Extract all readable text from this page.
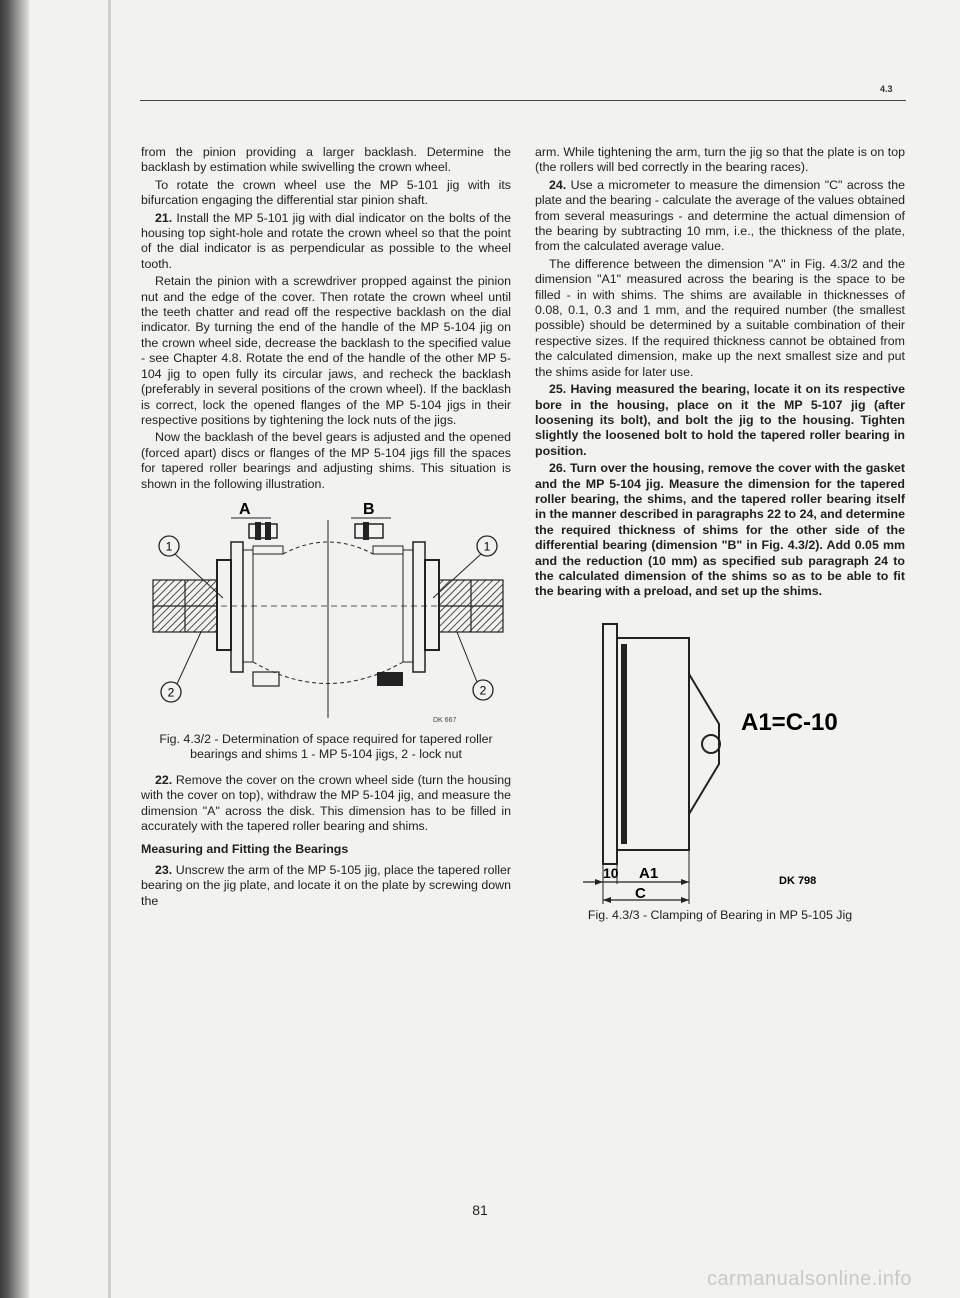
4.3

from the pinion providing a larger backlash. Determine the backlash by estimation while swivelling the crown wheel.

To rotate the crown wheel use the MP 5-101 jig with its bifurcation engaging the differential star pinion shaft.

21. Install the MP 5-101 jig with dial indicator on the bolts of the housing top sight-hole and rotate the crown wheel so that the point of the dial indicator is as perpendicular as possible to the wheel tooth.

Retain the pinion with a screwdriver propped against the pinion nut and the edge of the cover. Then rotate the crown wheel until the teeth chatter and read off the respective backlash on the dial indicator. By turning the end of the handle of the MP 5-104 jig on the crown wheel side, decrease the backlash to the specified value - see Chapter 4.8. Rotate the end of the handle of the other MP 5-104 jig to open fully its circular jaws, and recheck the backlash (preferably in several positions of the crown wheel). If the backlash is correct, lock the opened flanges of the MP 5-104 jigs in their respective positions by tightening the lock nuts of the jigs.

Now the backlash of the bevel gears is adjusted and the opened (forced apart) discs or flanges of the MP 5-104 jigs fill the spaces for tapered roller bearings and adjusting shims. This situation is shown in the following illustration.

A	B
1	1
2	2
DK 667
Fig. 4.3/2 - Determination of space required for tapered roller bearings and shims 1 - MP 5-104 jigs, 2 - lock nut

22. Remove the cover on the crown wheel side (turn the housing with the cover on top), withdraw the MP 5-104 jig, and measure the dimension "A" across the disk. This dimension has to be filled in accurately with the tapered roller bearing and shims.

Measuring and Fitting the Bearings

23. Unscrew the arm of the MP 5-105 jig, place the tapered roller bearing on the jig plate, and locate it on the plate by screwing down the

arm. While tightening the arm, turn the jig so that the plate is on top (the rollers will bed correctly in the bearing races).

24. Use a micrometer to measure the dimension "C" across the plate and the bearing - calculate the average of the values obtained from several measurings - and determine the actual dimension of the bearing by subtracting 10 mm, i.e., the thickness of the plate, from the calculated average value.

The difference between the dimension "A" in Fig. 4.3/2 and the dimension "A1" measured across the bearing is the space to be filled - in with shims. The shims are available in thicknesses of 0.08, 0.1, 0.3 and 1 mm, and the required number (the smallest possible) should be determined by a suitable combination of their respective sizes. If the required thickness cannot be obtained from the calculated dimension, make up the next smallest size and put the shims aside for later use.

25. Having measured the bearing, locate it on its respective bore in the housing, place on it the MP 5-107 jig (after loosening its bolt), and bolt the jig to the housing. Tighten slightly the loosened bolt to hold the tapered roller bearing in position.

26. Turn over the housing, remove the cover with the gasket and the MP 5-104 jig. Measure the dimension for the tapered roller bearing, the shims, and the tapered roller bearing itself in the manner described in paragraphs 22 to 24, and determine the required thickness of shims for the other side of the differential bearing (dimension "B" in Fig. 4.3/2). Add 0.05 mm and the reduction (10 mm) as specified sub paragraph 24 to the calculated dimension of the shims so as to be able to fit the bearing with a preload, and set up the shims.

A1=C-10
10 A1
C
DK 798
Fig. 4.3/3 - Clamping of Bearing in MP 5-105 Jig
81
carmanualsonline.info
